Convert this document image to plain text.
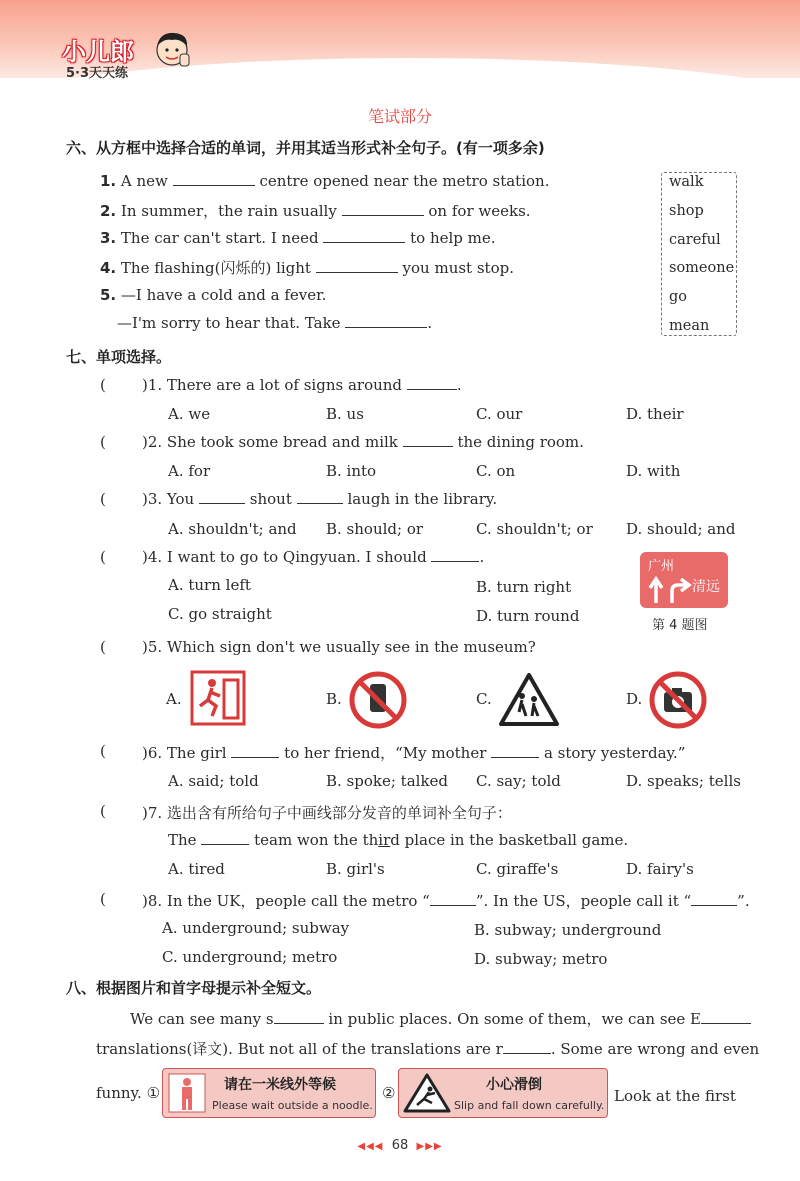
小儿郎
5·3天天练
笔试部分
六、从方框中选择合适的单词，并用其适当形式补全句子。(有一项多余)
1. A new	centre opened near the metro station.
2. In summer，the rain usually	on for weeks.
3. The car can't start. I need	to help me.
4. The flashing(闪烁的) light	you must stop.
5. —I have a cold and a fever.
—I'm sorry to hear that. Take	.
walk
shop
careful
someone
go
mean
七、单项选择。
( )1. There are a lot of signs around	.
A. we	B. us	C. our	D. their
( )2. She took some bread and milk	the dining room.
A. for	B. into	C. on	D. with
( )3. You	shout	laugh in the library.
A. shouldn't; and B. should; or	C. shouldn't; or D. should; and
( )4. I want to go to Qingyuan. I should	.
A. turn left	B. turn right
C. go straight	D. turn round
广州
清远
第 4 题图
( )5. Which sign don't we usually see in the museum?
A.	B.	C.	D.
( )6. The girl	to her friend，“My mother	a story yesterday.”
A. said; told	B. spoke; talked C. say; told	D. speaks; tells
( )7. 选出含有所给句子中画线部分发音的单词补全句子：
The	team won the third place in the basketball game.
A. tired	B. girl's	C. giraffe's	D. fairy's
( )8. In the UK，people call the metro “	”. In the US，people call it “	”.
A. underground; subway	B. subway; underground
C. underground; metro	D. subway; metro
八、根据图片和首字母提示补全短文。
We can see many s	in public places. On some of them，we can see E
translations(译文). But not all of the translations are r	. Some are wrong and even
funny. ①	请在一米线外等候
Please wait outside a noodle.
②	小心滑倒
Slip and fall down carefully.
Look at the first
◀◀◀ 68 ▶▶▶
